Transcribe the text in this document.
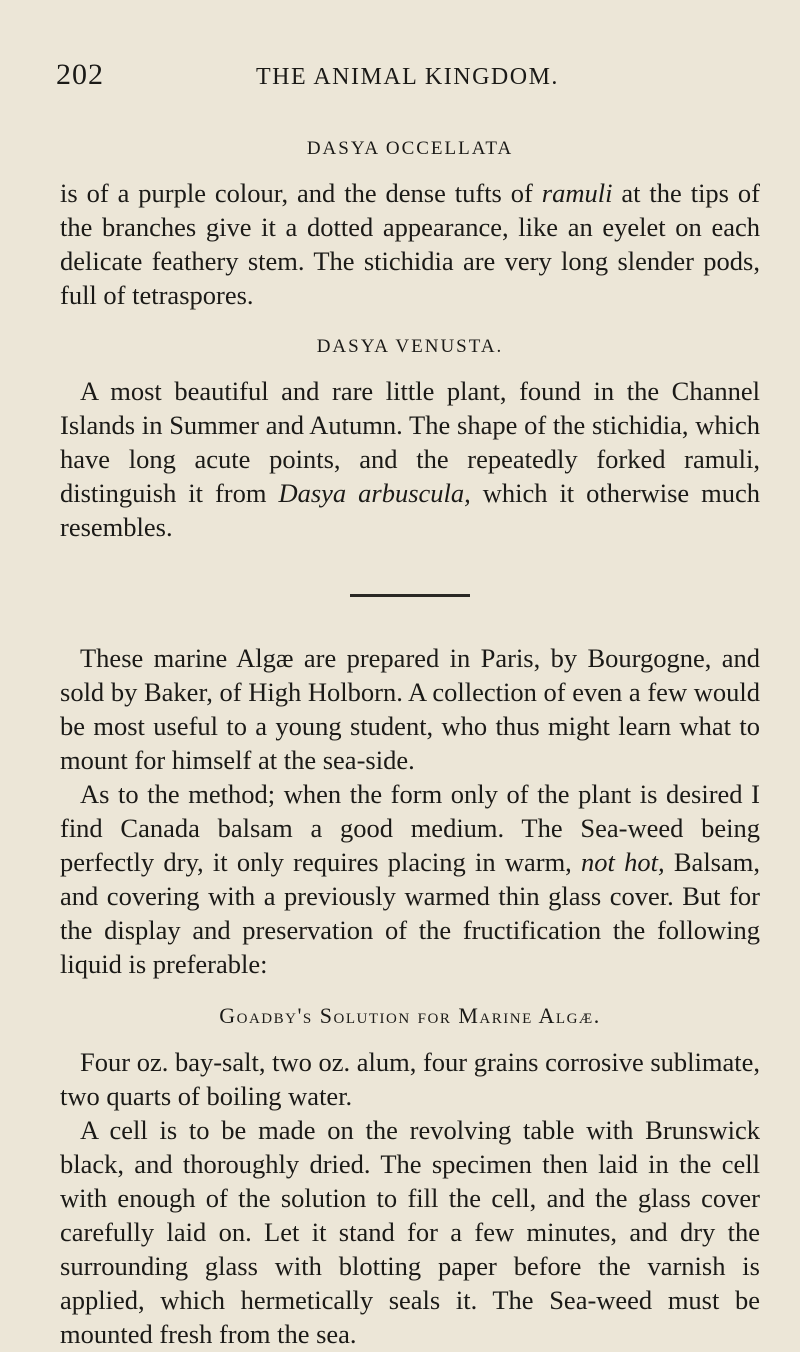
202	THE ANIMAL KINGDOM.
DASYA OCCELLATA

is of a purple colour, and the dense tufts of ramuli at the tips of the branches give it a dotted appearance, like an eyelet on each delicate feathery stem. The stichidia are very long slender pods, full of tetraspores.

DASYA VENUSTA.

A most beautiful and rare little plant, found in the Channel Islands in Summer and Autumn. The shape of the stichidia, which have long acute points, and the repeatedly forked ramuli, distinguish it from Dasya arbuscula, which it otherwise much resembles.

These marine Algæ are prepared in Paris, by Bourgogne, and sold by Baker, of High Holborn. A collection of even a few would be most useful to a young student, who thus might learn what to mount for himself at the sea-side.

As to the method; when the form only of the plant is desired I find Canada balsam a good medium. The Sea-weed being perfectly dry, it only requires placing in warm, not hot, Balsam, and covering with a previously warmed thin glass cover. But for the display and preservation of the fructification the following liquid is preferable:

Goadby's Solution for Marine Algæ.

Four oz. bay-salt, two oz. alum, four grains corrosive sublimate, two quarts of boiling water.

A cell is to be made on the revolving table with Brunswick black, and thoroughly dried. The specimen then laid in the cell with enough of the solution to fill the cell, and the glass cover carefully laid on. Let it stand for a few minutes, and dry the surrounding glass with blotting paper before the varnish is applied, which hermetically seals it. The Sea-weed must be mounted fresh from the sea.
